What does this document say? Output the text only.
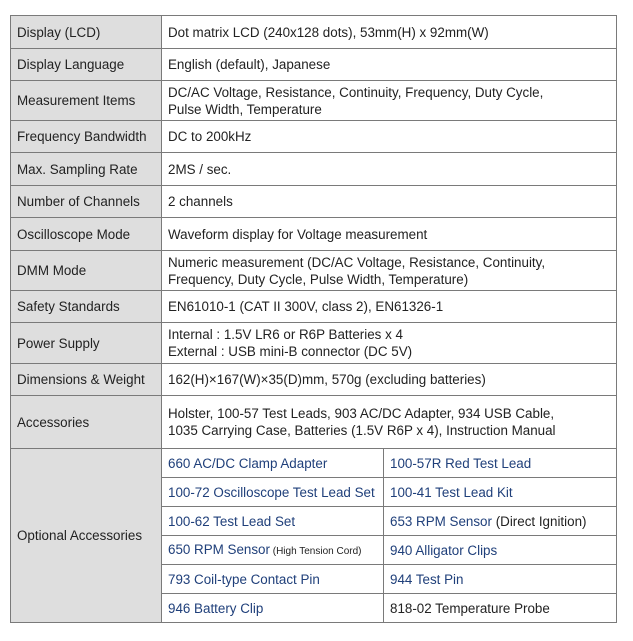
Display (LCD)	Dot matrix LCD (240x128 dots), 53mm(H) x 92mm(W)	

Display Language	English (default), Japanese	

Measurement Items	DC/AC Voltage, Resistance, Continuity, Frequency, Duty Cycle,
Pulse Width, Temperature	

Frequency Bandwidth	DC to 200kHz	

Max. Sampling Rate	2MS / sec.	

Number of Channels	2 channels	

Oscilloscope Mode	Waveform display for Voltage measurement	

DMM Mode	Numeric measurement (DC/AC Voltage, Resistance, Continuity,
Frequency, Duty Cycle, Pulse Width, Temperature)	

Safety Standards	EN61010-1 (CAT II 300V, class 2), EN61326-1	

Power Supply	Internal : 1.5V LR6 or R6P Batteries x 4
External : USB mini-B connector (DC 5V)	

Dimensions & Weight	162(H)×167(W)×35(D)mm, 570g (excluding batteries)	

Accessories	Holster, 100-57 Test Leads, 903 AC/DC Adapter, 934 USB Cable,
1035 Carrying Case, Batteries (1.5V R6P x 4), Instruction Manual	

Optional Accessories	660 AC/DC Clamp Adapter	100-57R Red Test Lead
	100-72 Oscilloscope Test Lead Set	100-41 Test Lead Kit
	100-62 Test Lead Set	653 RPM Sensor (Direct Ignition)
	650 RPM Sensor (High Tension Cord)	940 Alligator Clips
	793 Coil-type Contact Pin	944 Test Pin
	946 Battery Clip	818-02 Temperature Probe
